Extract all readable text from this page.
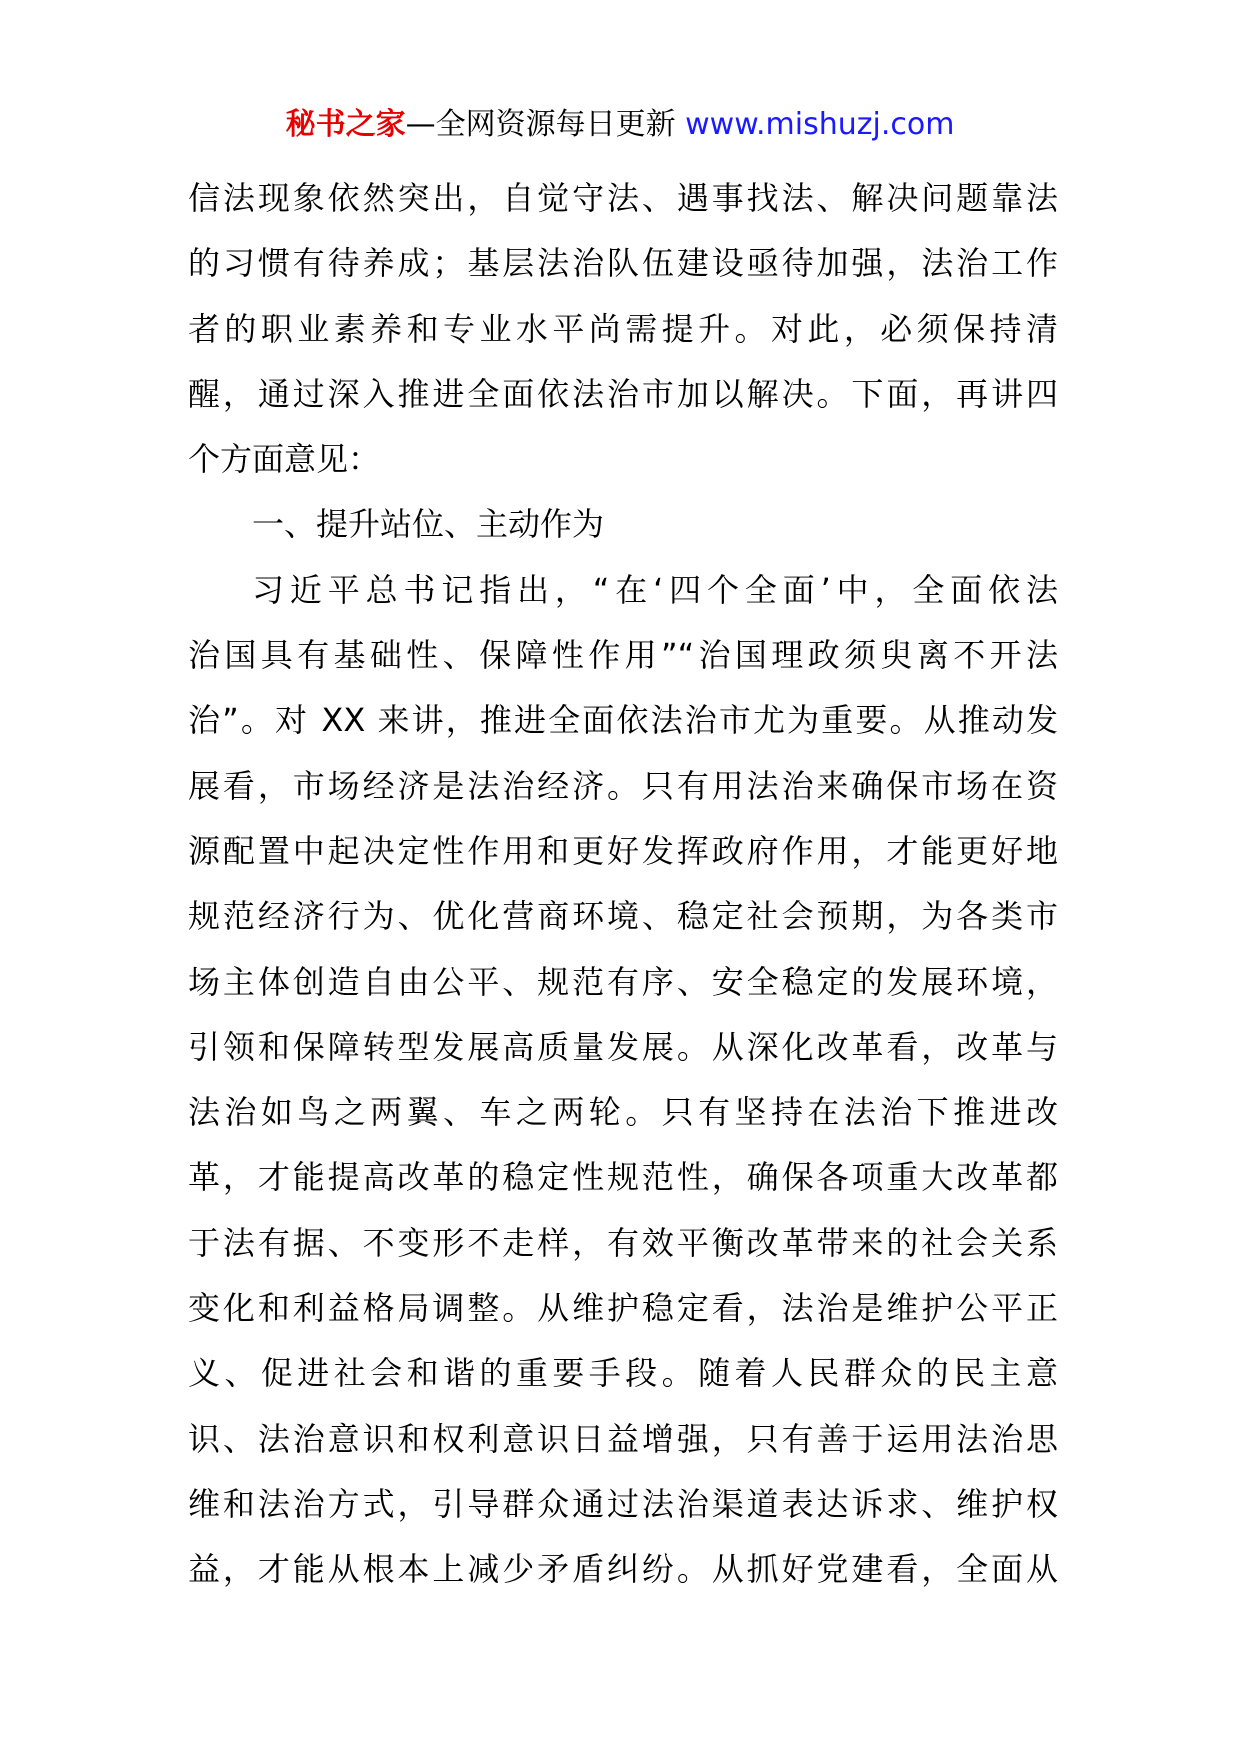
秘书之家—全网资源每日更新 www.mishuzj.com
信法现象依然突出，自觉守法、遇事找法、解决问题靠法
的习惯有待养成；基层法治队伍建设亟待加强，法治工作
者的职业素养和专业水平尚需提升。对此，必须保持清
醒，通过深入推进全面依法治市加以解决。下面，再讲四
个方面意见：
一、提升站位、主动作为
习近平总书记指出，“在‘四个全面’中，全面依法
治国具有基础性、保障性作用”“治国理政须臾离不开法
治”。对 XX 来讲，推进全面依法治市尤为重要。从推动发
展看，市场经济是法治经济。只有用法治来确保市场在资
源配置中起决定性作用和更好发挥政府作用，才能更好地
规范经济行为、优化营商环境、稳定社会预期，为各类市
场主体创造自由公平、规范有序、安全稳定的发展环境，
引领和保障转型发展高质量发展。从深化改革看，改革与
法治如鸟之两翼、车之两轮。只有坚持在法治下推进改
革，才能提高改革的稳定性规范性，确保各项重大改革都
于法有据、不变形不走样，有效平衡改革带来的社会关系
变化和利益格局调整。从维护稳定看，法治是维护公平正
义、促进社会和谐的重要手段。随着人民群众的民主意
识、法治意识和权利意识日益增强，只有善于运用法治思
维和法治方式，引导群众通过法治渠道表达诉求、维护权
益，才能从根本上减少矛盾纠纷。从抓好党建看，全面从
